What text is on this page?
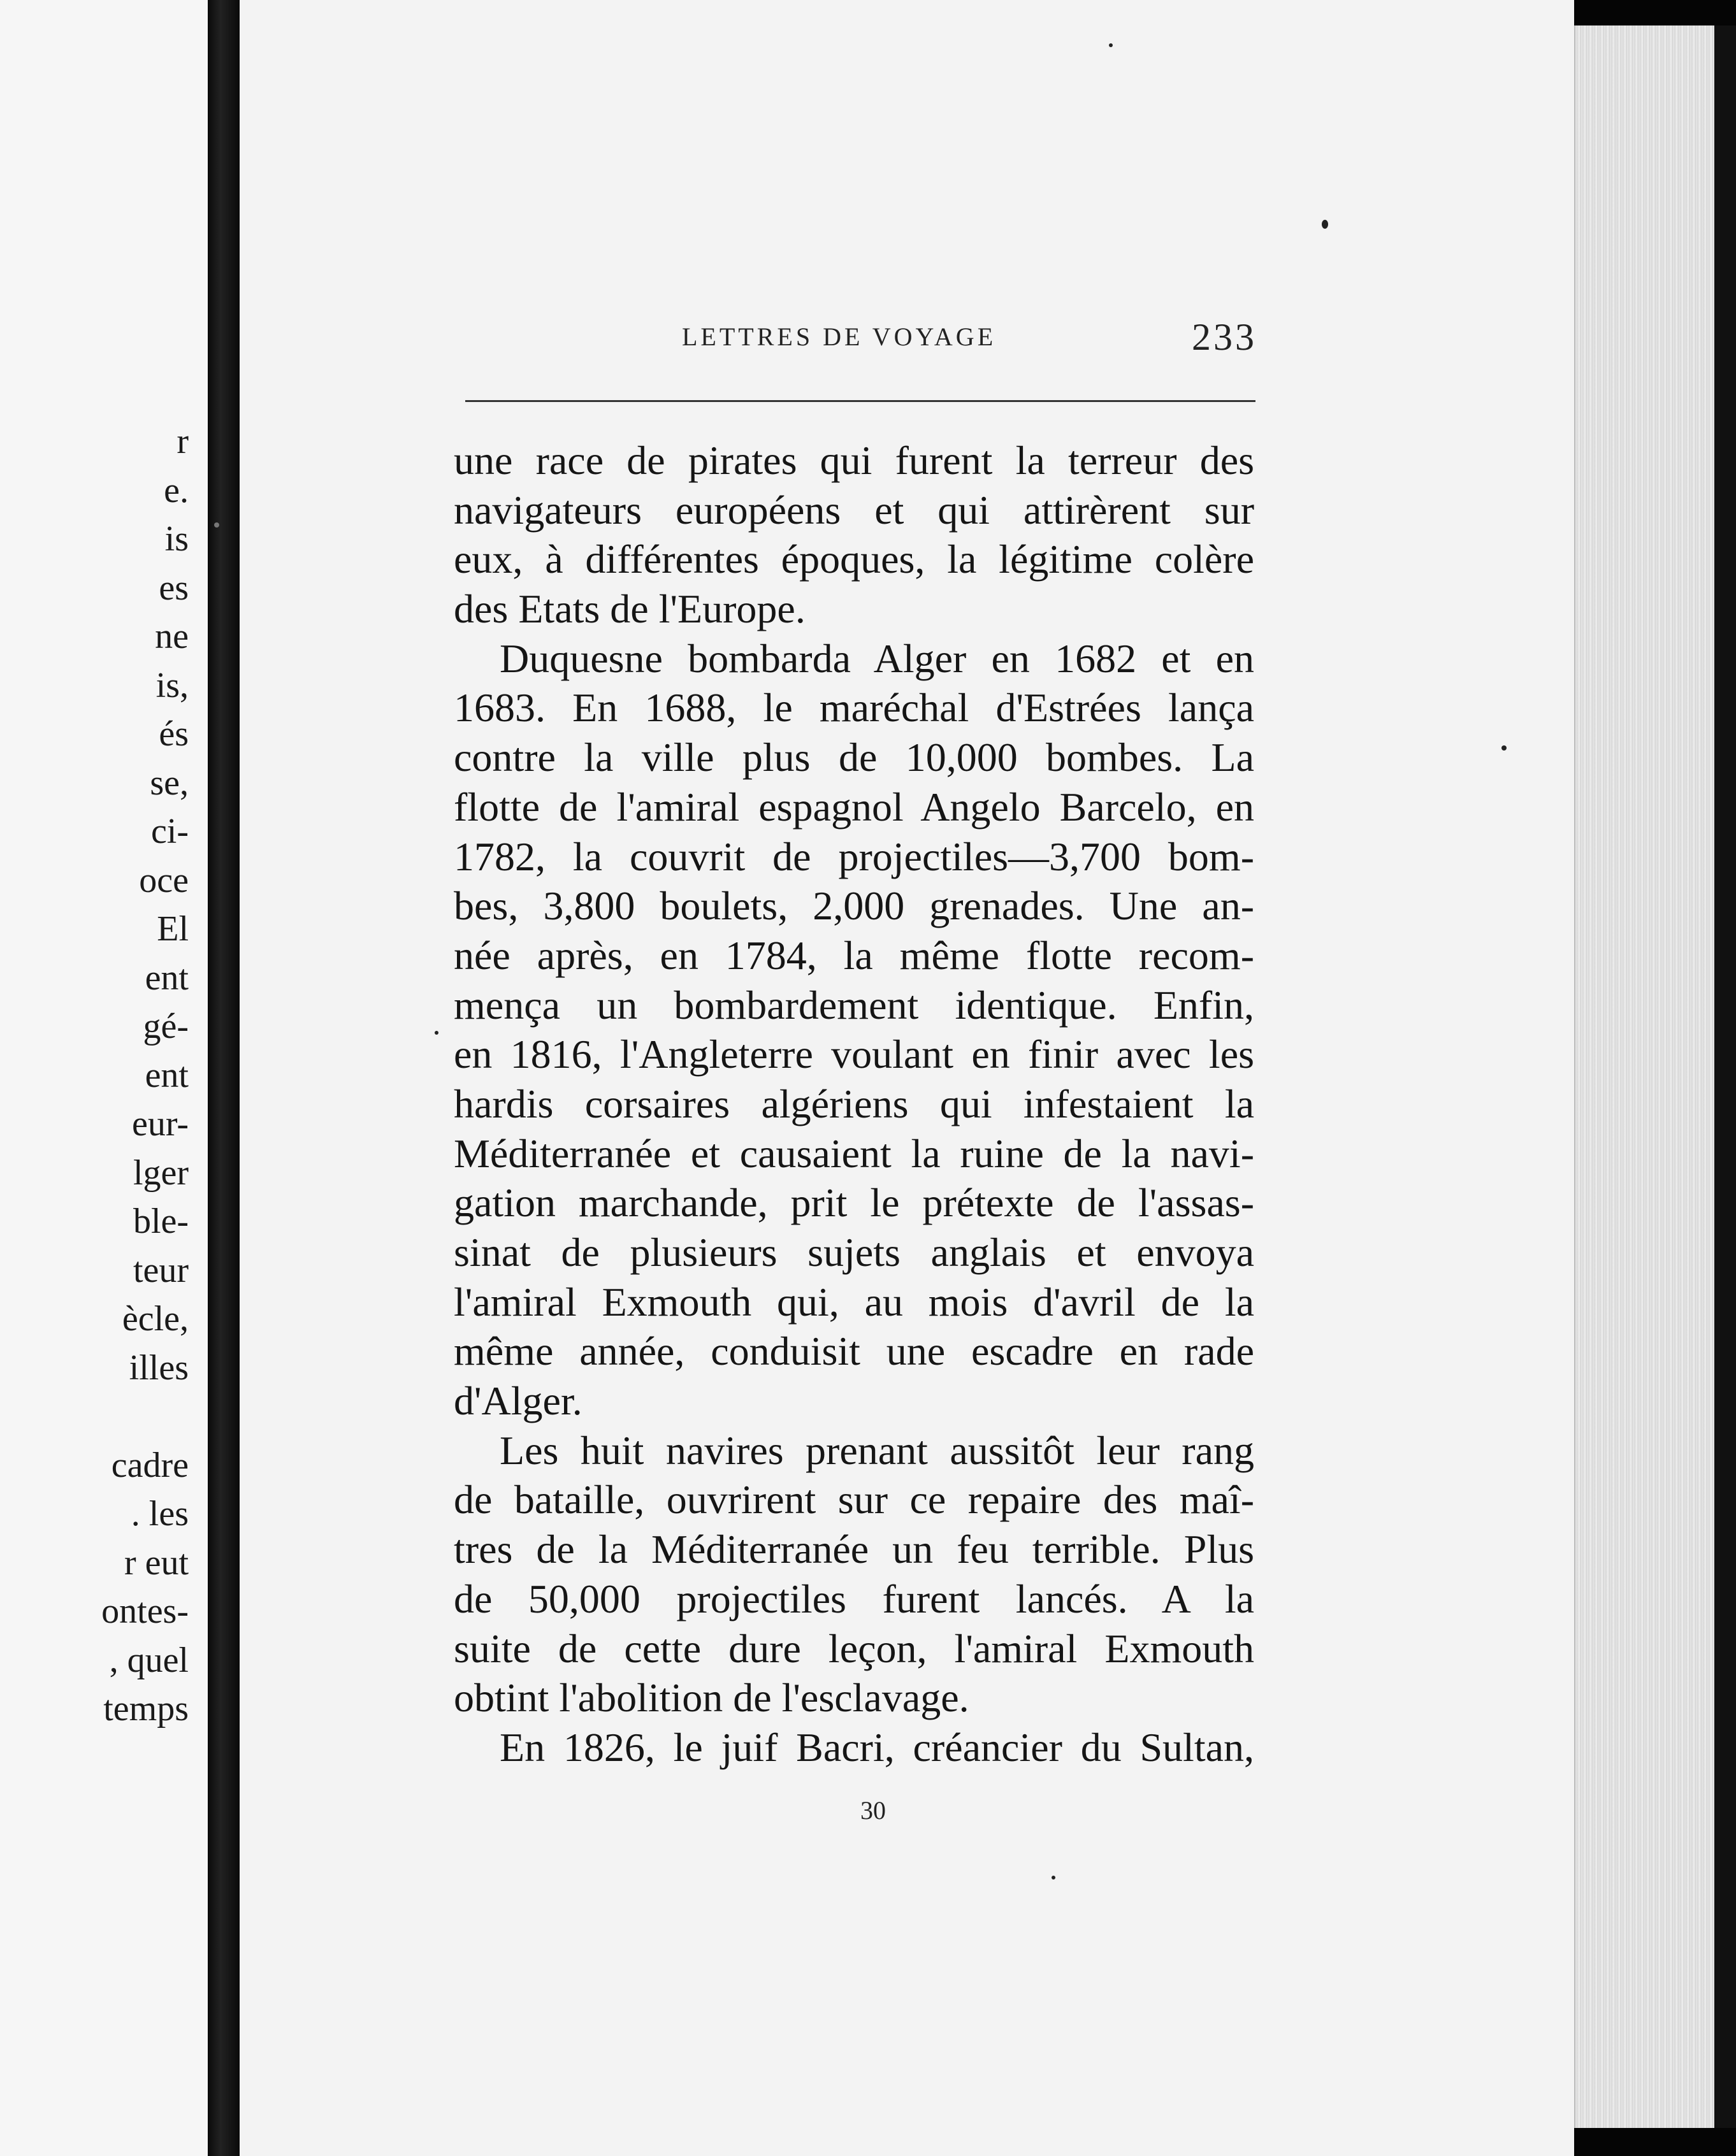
r
e.
is
es
ne
is,
és
se,
ci-
oce
El
ent
gé-
ent
eur-
lger
ble-
teur
ècle,
illes
cadre
. les
r eut
ontes-
, quel
temps
LETTRES DE VOYAGE	233
une race de pirates qui furent la terreur des
navigateurs européens et qui attirèrent sur
eux, à différentes époques, la légitime colère
des Etats de l'Europe.
Duquesne bombarda Alger en 1682 et en
1683. En 1688, le maréchal d'Estrées lança
contre la ville plus de 10,000 bombes. La
flotte de l'amiral espagnol Angelo Barcelo, en
1782, la couvrit de projectiles—3,700 bom-
bes, 3,800 boulets, 2,000 grenades. Une an-
née après, en 1784, la même flotte recom-
mença un bombardement identique. Enfin,
en 1816, l'Angleterre voulant en finir avec les
hardis corsaires algériens qui infestaient la
Méditerranée et causaient la ruine de la navi-
gation marchande, prit le prétexte de l'assas-
sinat de plusieurs sujets anglais et envoya
l'amiral Exmouth qui, au mois d'avril de la
même année, conduisit une escadre en rade
d'Alger.
Les huit navires prenant aussitôt leur rang
de bataille, ouvrirent sur ce repaire des maî-
tres de la Méditerranée un feu terrible. Plus
de 50,000 projectiles furent lancés. A la
suite de cette dure leçon, l'amiral Exmouth
obtint l'abolition de l'esclavage.
En 1826, le juif Bacri, créancier du Sultan,
30
